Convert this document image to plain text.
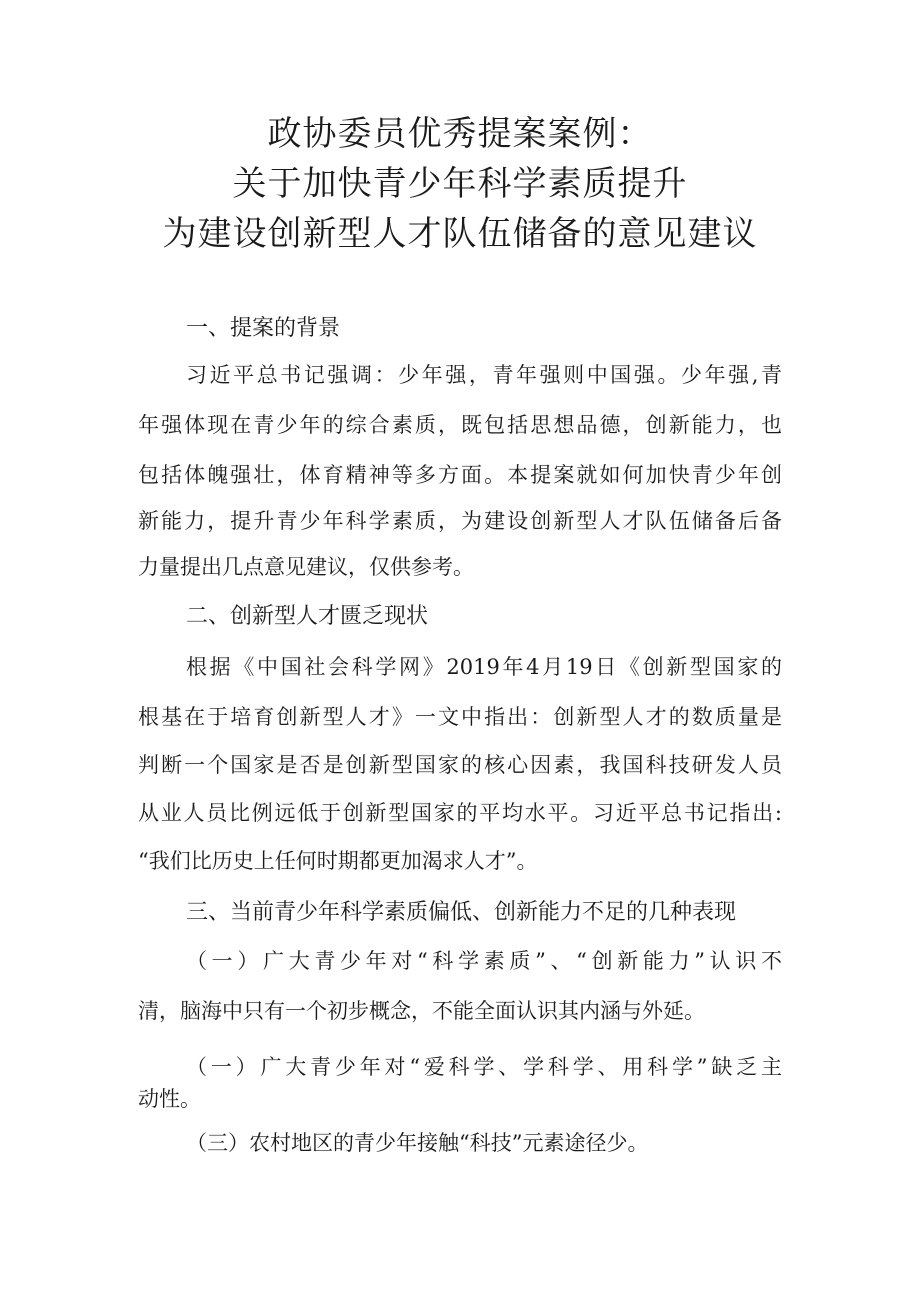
政协委员优秀提案案例：
关于加快青少年科学素质提升
为建设创新型人才队伍储备的意见建议
一、提案的背景
习近平总书记强调：少年强，青年强则中国强。少年强,青
年强体现在青少年的综合素质，既包括思想品德，创新能力，也
包括体魄强壮，体育精神等多方面。本提案就如何加快青少年创
新能力，提升青少年科学素质，为建设创新型人才队伍储备后备
力量提出几点意见建议，仅供参考。
二、创新型人才匮乏现状
根据《中国社会科学网》2019年4月19日《创新型国家的
根基在于培育创新型人才》一文中指出：创新型人才的数质量是
判断一个国家是否是创新型国家的核心因素，我国科技研发人员
从业人员比例远低于创新型国家的平均水平。习近平总书记指出:
“我们比历史上任何时期都更加渴求人才”。
三、当前青少年科学素质偏低、创新能力不足的几种表现
（一）广大青少年对“科学素质”、“创新能力”认识不
清，脑海中只有一个初步概念，不能全面认识其内涵与外延。
（一）广大青少年对“爱科学、学科学、用科学”缺乏主
动性。
（三）农村地区的青少年接触“科技”元素途径少。
